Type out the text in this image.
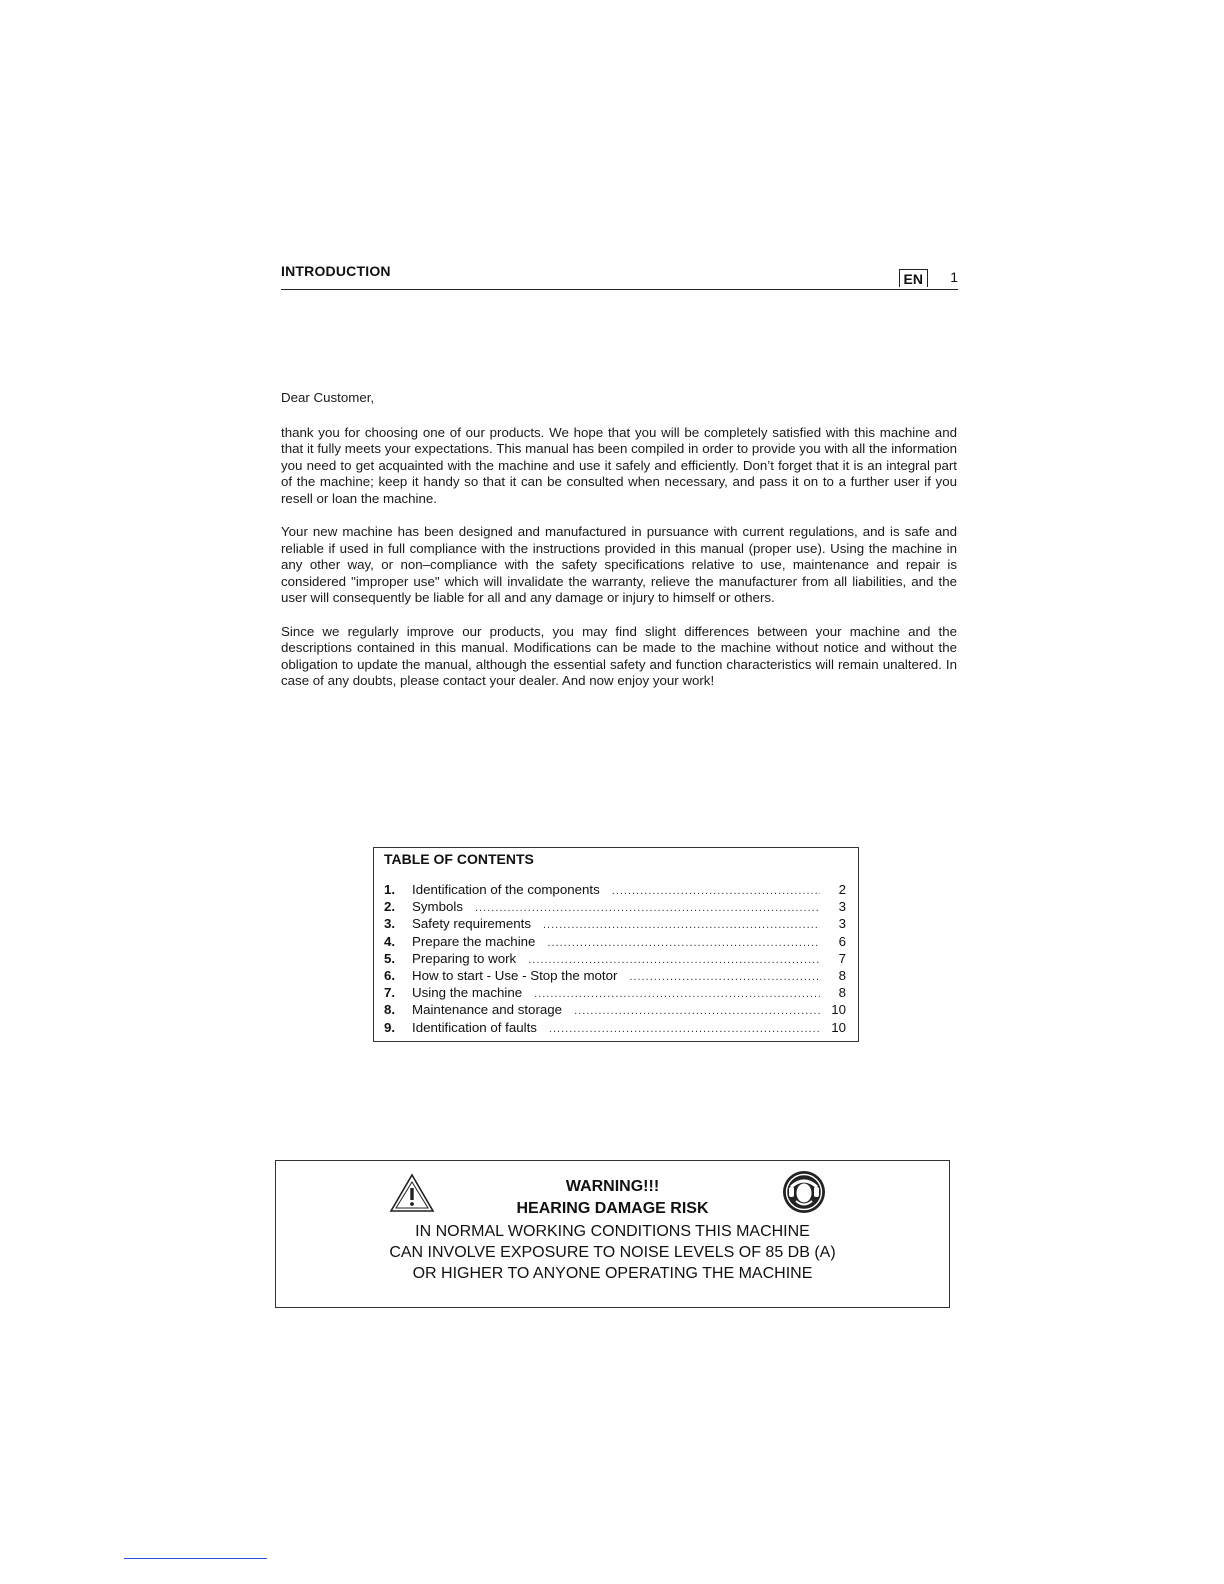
INTRODUCTION	EN	1

Dear Customer,

thank you for choosing one of our products. We hope that you will be completely satisfied with this machine and that it fully meets your expectations. This manual has been compiled in order to provide you with all the information you need to get acquainted with the machine and use it safely and efficiently. Don’t forget that it is an integral part of the machine; keep it handy so that it can be consulted when necessary, and pass it on to a further user if you resell or loan the machine.

Your new machine has been designed and manufactured in pursuance with current regulations, and is safe and reliable if used in full compliance with the instructions provided in this manual (proper use). Using the machine in any other way, or non–compliance with the safety specifications relative to use, maintenance and repair is considered "improper use" which will invalidate the warranty, relieve the manufacturer from all liabilities, and the user will consequently be liable for all and any damage or injury to himself or others.

Since we regularly improve our products, you may find slight differences between your machine and the descriptions contained in this manual. Modifications can be made to the machine without notice and without the obligation to update the manual, although the essential safety and function characteristics will remain unaltered. In case of any doubts, please contact your dealer. And now enjoy your work!

TABLE OF CONTENTS
1.	Identification of the components .....	2
2.	Symbols .....	3
3.	Safety requirements .....	3
4.	Prepare the machine .....	6
5.	Preparing to work .....	7
6.	How to start - Use - Stop the motor .....	8
7.	Using the machine .....	8
8.	Maintenance and storage .....	10
9.	Identification of faults .....	10
WARNING!!!
HEARING DAMAGE RISK
IN NORMAL WORKING CONDITIONS THIS MACHINE
CAN INVOLVE EXPOSURE TO NOISE LEVELS OF 85 DB (A)
OR HIGHER TO ANYONE OPERATING THE MACHINE
